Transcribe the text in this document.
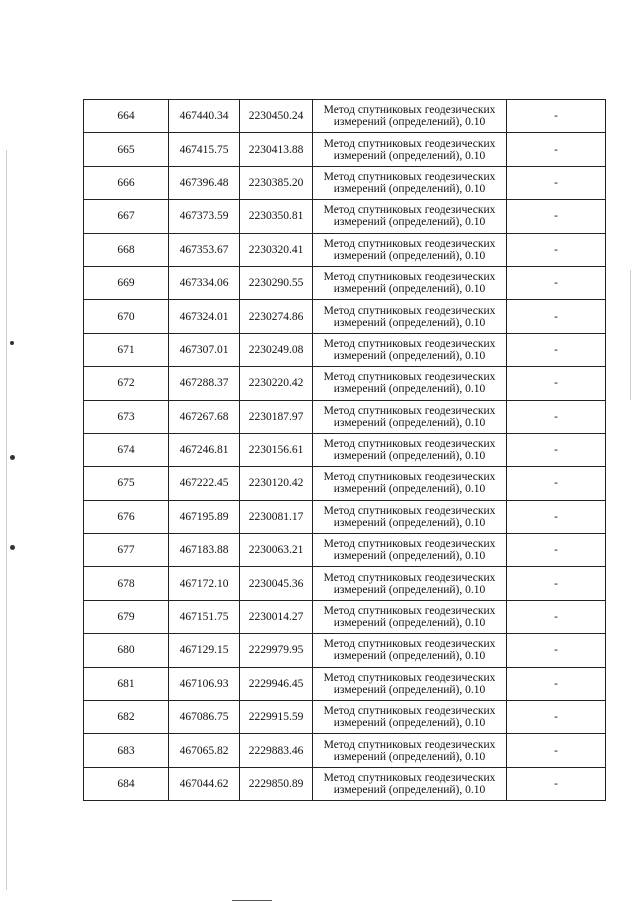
664	467440.34	2230450.24	Метод спутниковых геодезических
измерений (определений), 0.10	-
665	467415.75	2230413.88	Метод спутниковых геодезических
измерений (определений), 0.10	-
666	467396.48	2230385.20	Метод спутниковых геодезических
измерений (определений), 0.10	-
667	467373.59	2230350.81	Метод спутниковых геодезических
измерений (определений), 0.10	-
668	467353.67	2230320.41	Метод спутниковых геодезических
измерений (определений), 0.10	-
669	467334.06	2230290.55	Метод спутниковых геодезических
измерений (определений), 0.10	-
670	467324.01	2230274.86	Метод спутниковых геодезических
измерений (определений), 0.10	-
671	467307.01	2230249.08	Метод спутниковых геодезических
измерений (определений), 0.10	-
672	467288.37	2230220.42	Метод спутниковых геодезических
измерений (определений), 0.10	-
673	467267.68	2230187.97	Метод спутниковых геодезических
измерений (определений), 0.10	-
674	467246.81	2230156.61	Метод спутниковых геодезических
измерений (определений), 0.10	-
675	467222.45	2230120.42	Метод спутниковых геодезических
измерений (определений), 0.10	-
676	467195.89	2230081.17	Метод спутниковых геодезических
измерений (определений), 0.10	-
677	467183.88	2230063.21	Метод спутниковых геодезических
измерений (определений), 0.10	-
678	467172.10	2230045.36	Метод спутниковых геодезических
измерений (определений), 0.10	-
679	467151.75	2230014.27	Метод спутниковых геодезических
измерений (определений), 0.10	-
680	467129.15	2229979.95	Метод спутниковых геодезических
измерений (определений), 0.10	-
681	467106.93	2229946.45	Метод спутниковых геодезических
измерений (определений), 0.10	-
682	467086.75	2229915.59	Метод спутниковых геодезических
измерений (определений), 0.10	-
683	467065.82	2229883.46	Метод спутниковых геодезических
измерений (определений), 0.10	-
684	467044.62	2229850.89	Метод спутниковых геодезических
измерений (определений), 0.10	-
